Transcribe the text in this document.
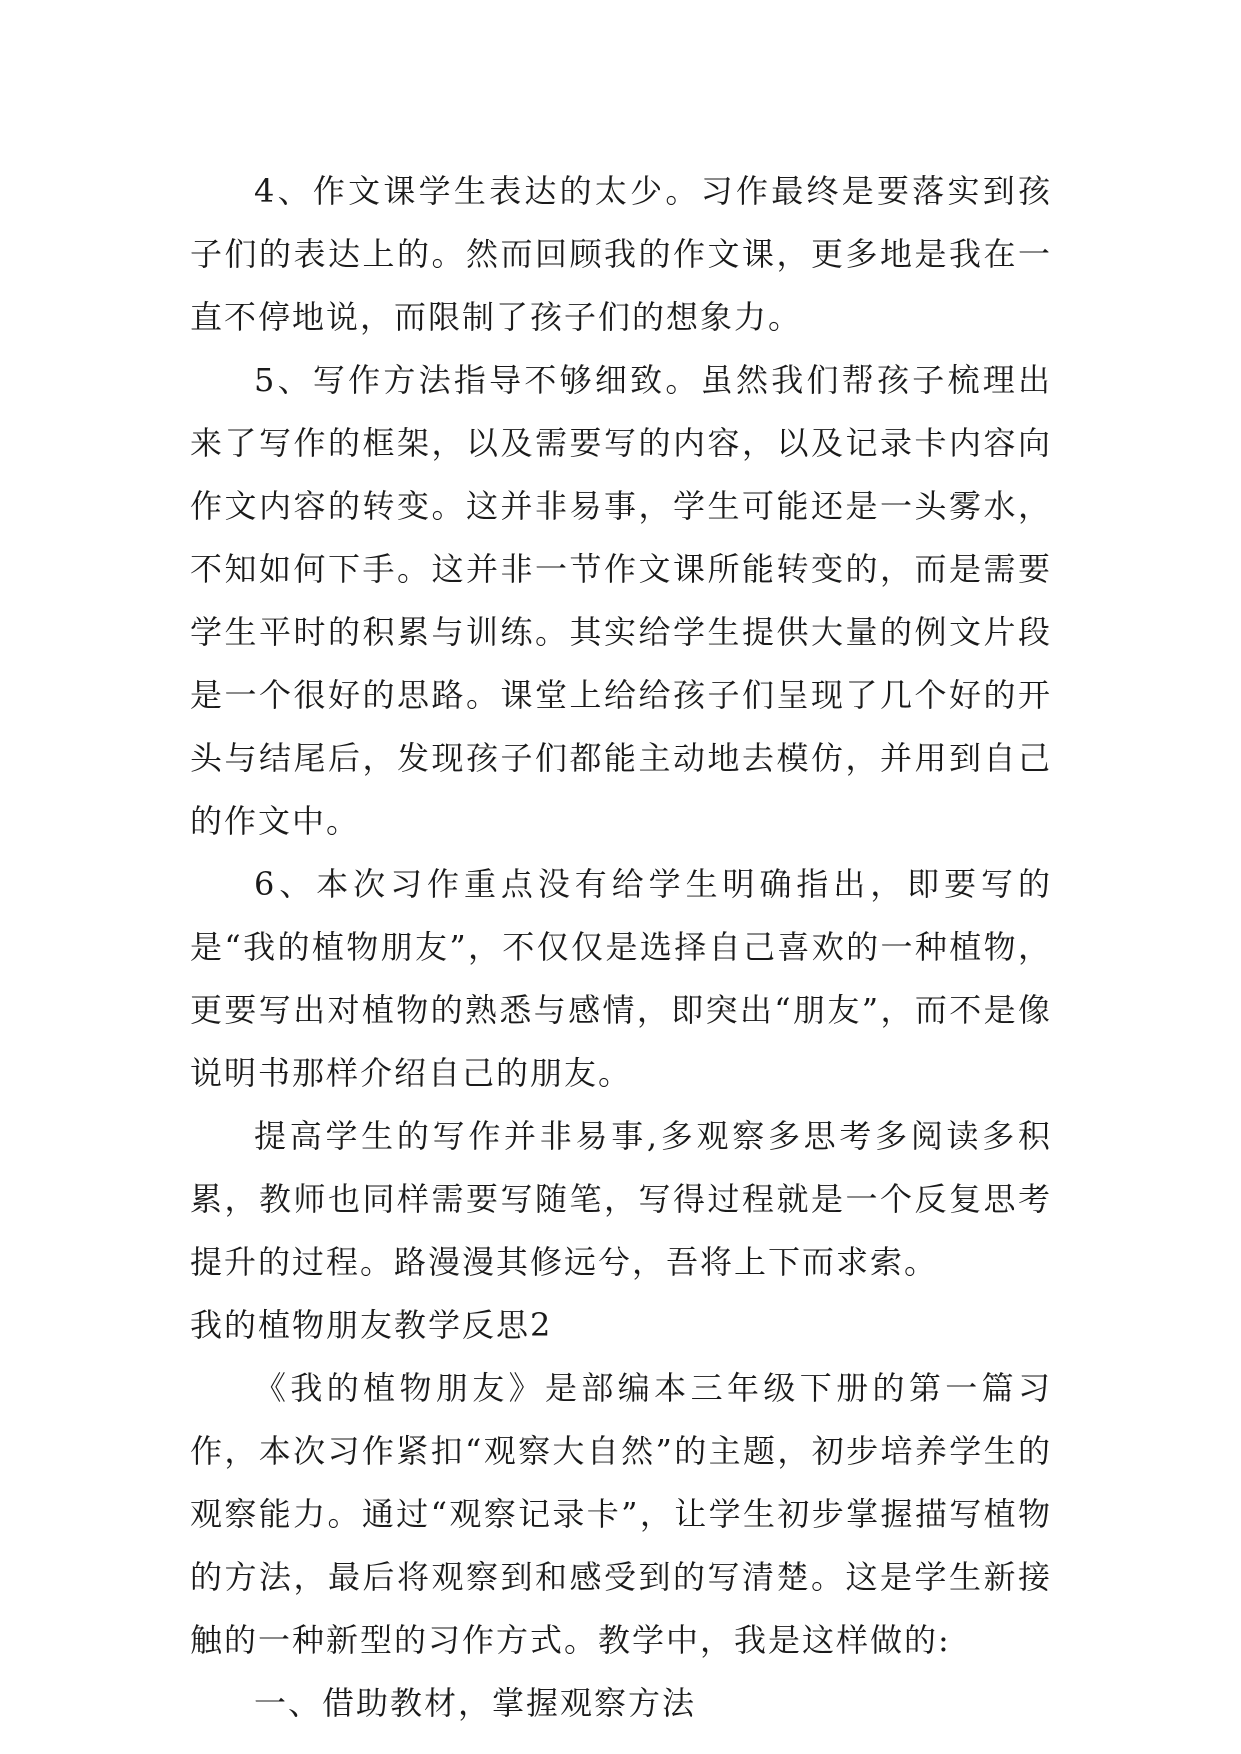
4、作文课学生表达的太少。习作最终是要落实到孩子们的表达上的。然而回顾我的作文课，更多地是我在一直不停地说，而限制了孩子们的想象力。

5、写作方法指导不够细致。虽然我们帮孩子梳理出来了写作的框架，以及需要写的内容，以及记录卡内容向作文内容的转变。这并非易事，学生可能还是一头雾水，不知如何下手。这并非一节作文课所能转变的，而是需要学生平时的积累与训练。其实给学生提供大量的例文片段是一个很好的思路。课堂上给给孩子们呈现了几个好的开头与结尾后，发现孩子们都能主动地去模仿，并用到自己的作文中。

6、本次习作重点没有给学生明确指出，即要写的是“我的植物朋友”，不仅仅是选择自己喜欢的一种植物，更要写出对植物的熟悉与感情，即突出“朋友”，而不是像说明书那样介绍自己的朋友。

提高学生的写作并非易事,多观察多思考多阅读多积累，教师也同样需要写随笔，写得过程就是一个反复思考提升的过程。路漫漫其修远兮，吾将上下而求索。

我的植物朋友教学反思2

《我的植物朋友》是部编本三年级下册的第一篇习作，本次习作紧扣“观察大自然”的主题，初步培养学生的观察能力。通过“观察记录卡”，让学生初步掌握描写植物的方法，最后将观察到和感受到的写清楚。这是学生新接触的一种新型的习作方式。教学中，我是这样做的:

一、借助教材，掌握观察方法
